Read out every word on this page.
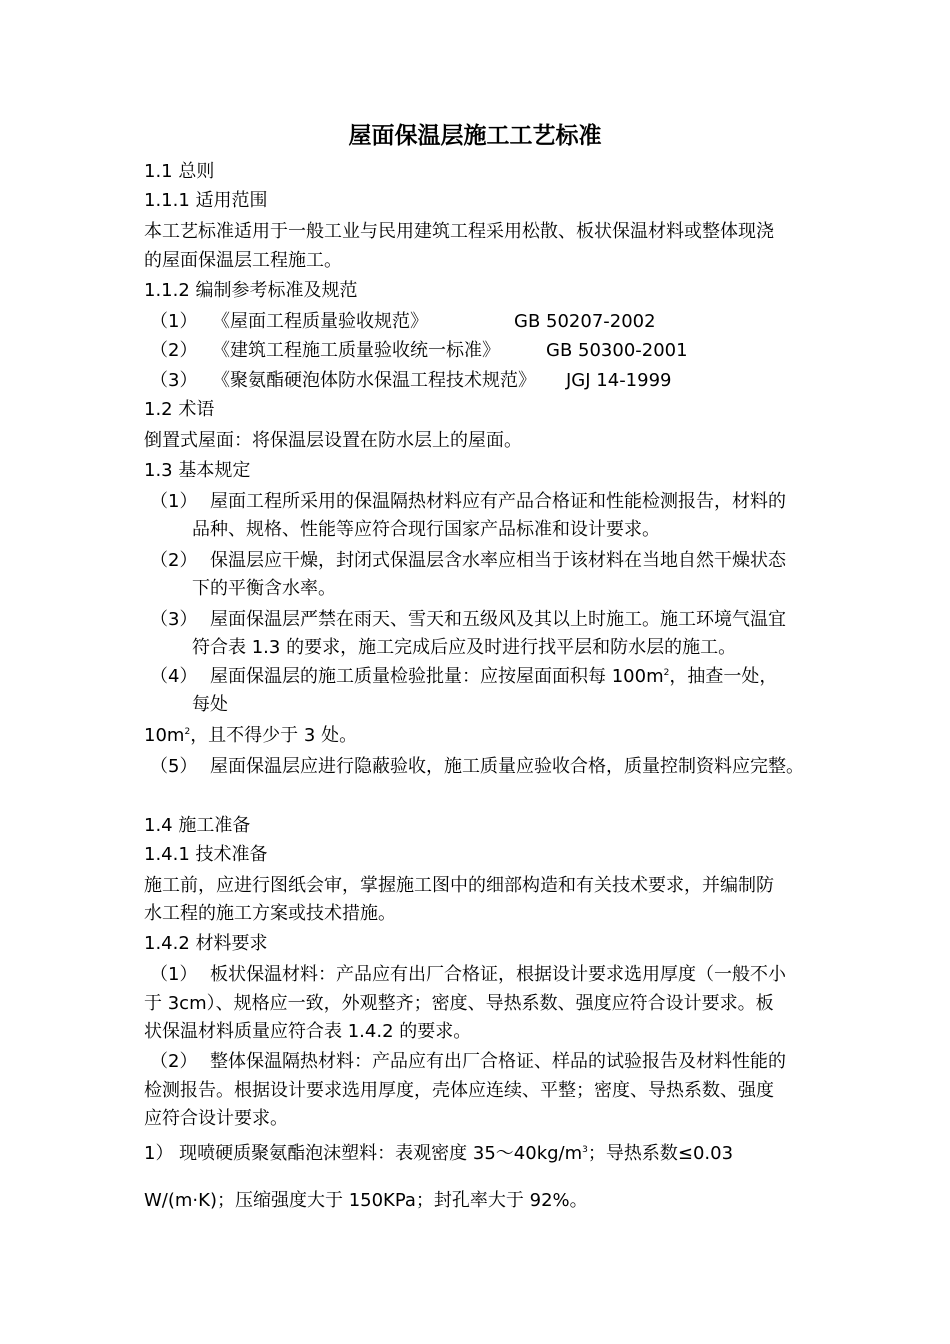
屋面保温层施工工艺标准
1.1 总则
1.1.1 适用范围
本工艺标准适用于一般工业与民用建筑工程采用松散、板状保温材料或整体现浇
的屋面保温层工程施工。
1.1.2 编制参考标准及规范
（1） 《屋面工程质量验收规范》	GB 50207-2002
（2） 《建筑工程施工质量验收统一标准》	GB 50300-2001
（3） 《聚氨酯硬泡体防水保温工程技术规范》 JGJ 14-1999
1.2 术语
倒置式屋面：将保温层设置在防水层上的屋面。
1.3 基本规定
（1） 屋面工程所采用的保温隔热材料应有产品合格证和性能检测报告，材料的
品种、规格、性能等应符合现行国家产品标准和设计要求。
（2） 保温层应干燥，封闭式保温层含水率应相当于该材料在当地自然干燥状态
下的平衡含水率。
（3） 屋面保温层严禁在雨天、雪天和五级风及其以上时施工。施工环境气温宜
符合表 1.3 的要求，施工完成后应及时进行找平层和防水层的施工。
（4） 屋面保温层的施工质量检验批量：应按屋面面积每 $100m^2$，抽查一处，
每处
$10m^2$，且不得少于 3 处。
（5） 屋面保温层应进行隐蔽验收，施工质量应验收合格，质量控制资料应完整。
1.4 施工准备
1.4.1 技术准备
施工前，应进行图纸会审，掌握施工图中的细部构造和有关技术要求，并编制防
水工程的施工方案或技术措施。
1.4.2 材料要求
（1） 板状保温材料：产品应有出厂合格证，根据设计要求选用厚度（一般不小
于 3cm）、规格应一致，外观整齐；密度、导热系数、强度应符合设计要求。板
状保温材料质量应符合表 1.4.2 的要求。
（2） 整体保温隔热材料：产品应有出厂合格证、样品的试验报告及材料性能的
检测报告。根据设计要求选用厚度，壳体应连续、平整；密度、导热系数、强度
应符合设计要求。
1） 现喷硬质聚氨酯泡沫塑料：表观密度 $35\sim 40kg/m^3$；导热系数≤0.03
W/(m·K)；压缩强度大于 150KPa；封孔率大于 92%。
